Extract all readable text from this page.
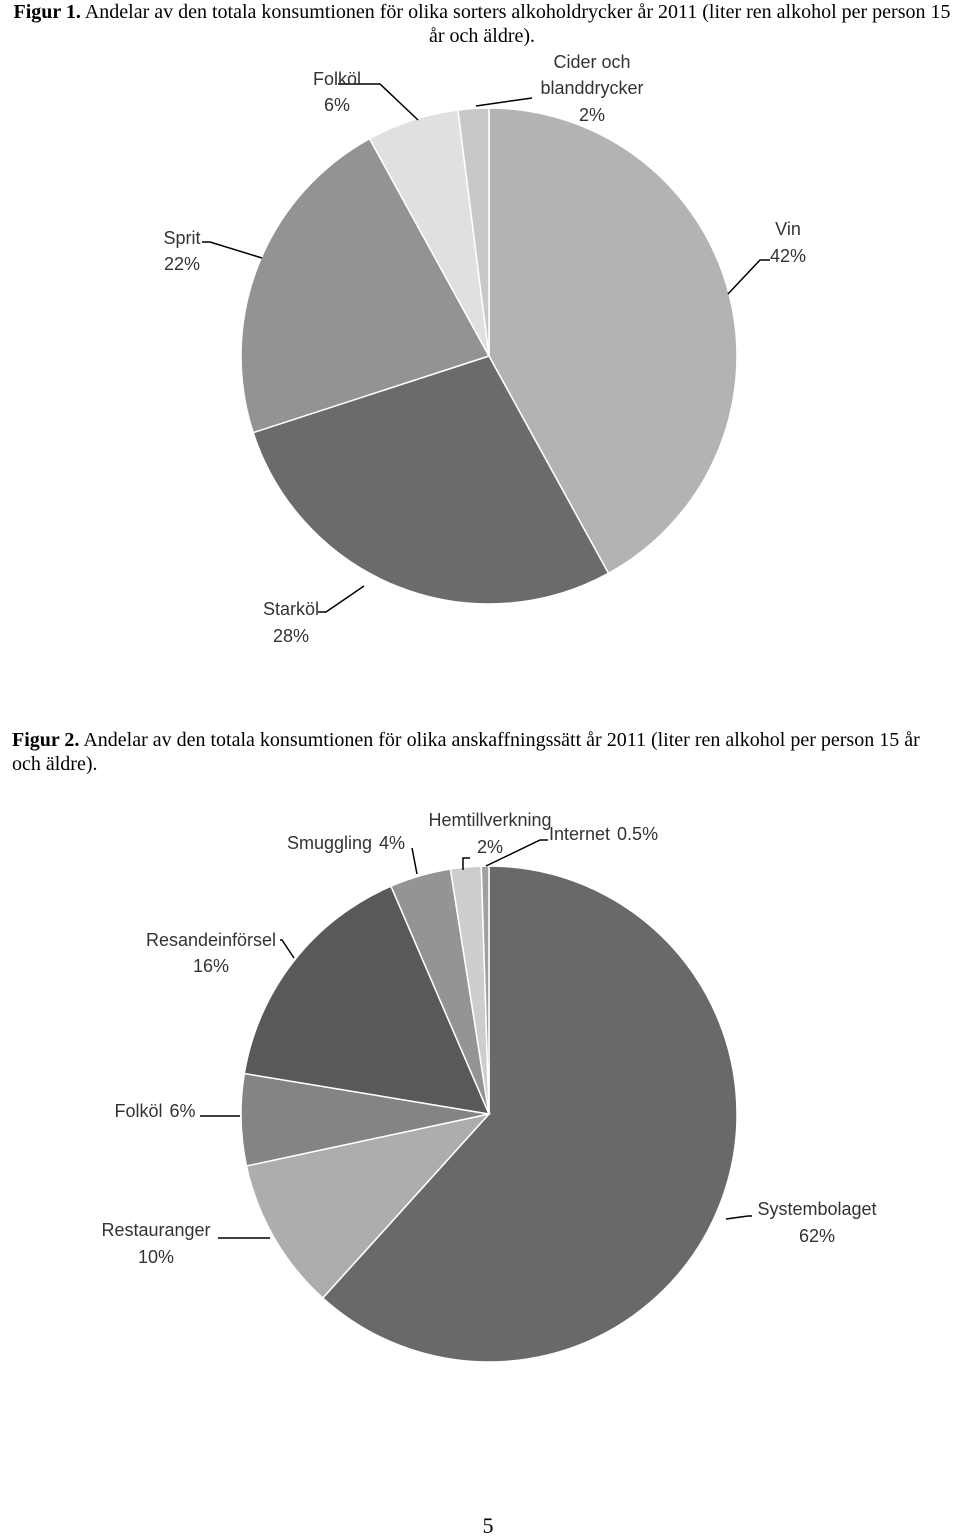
Figur 1. Andelar av den totala konsumtionen för olika sorters alkoholdrycker år 2011 (liter ren alkohol per person 15 år och äldre).
Cider och
blanddrycker
2%
Folköl
6%
Sprit
22%
Vin
42%
Starköl
28%
Figur 2. Andelar av den totala konsumtionen för olika anskaffningssätt år 2011 (liter ren alkohol per person 15 år och äldre).
Hemtillverkning
2%
Internet 0.5%
Smuggling 4%
Resandeinförsel
16%
Folköl 6%
Restauranger
10%
Systembolaget
62%
5
